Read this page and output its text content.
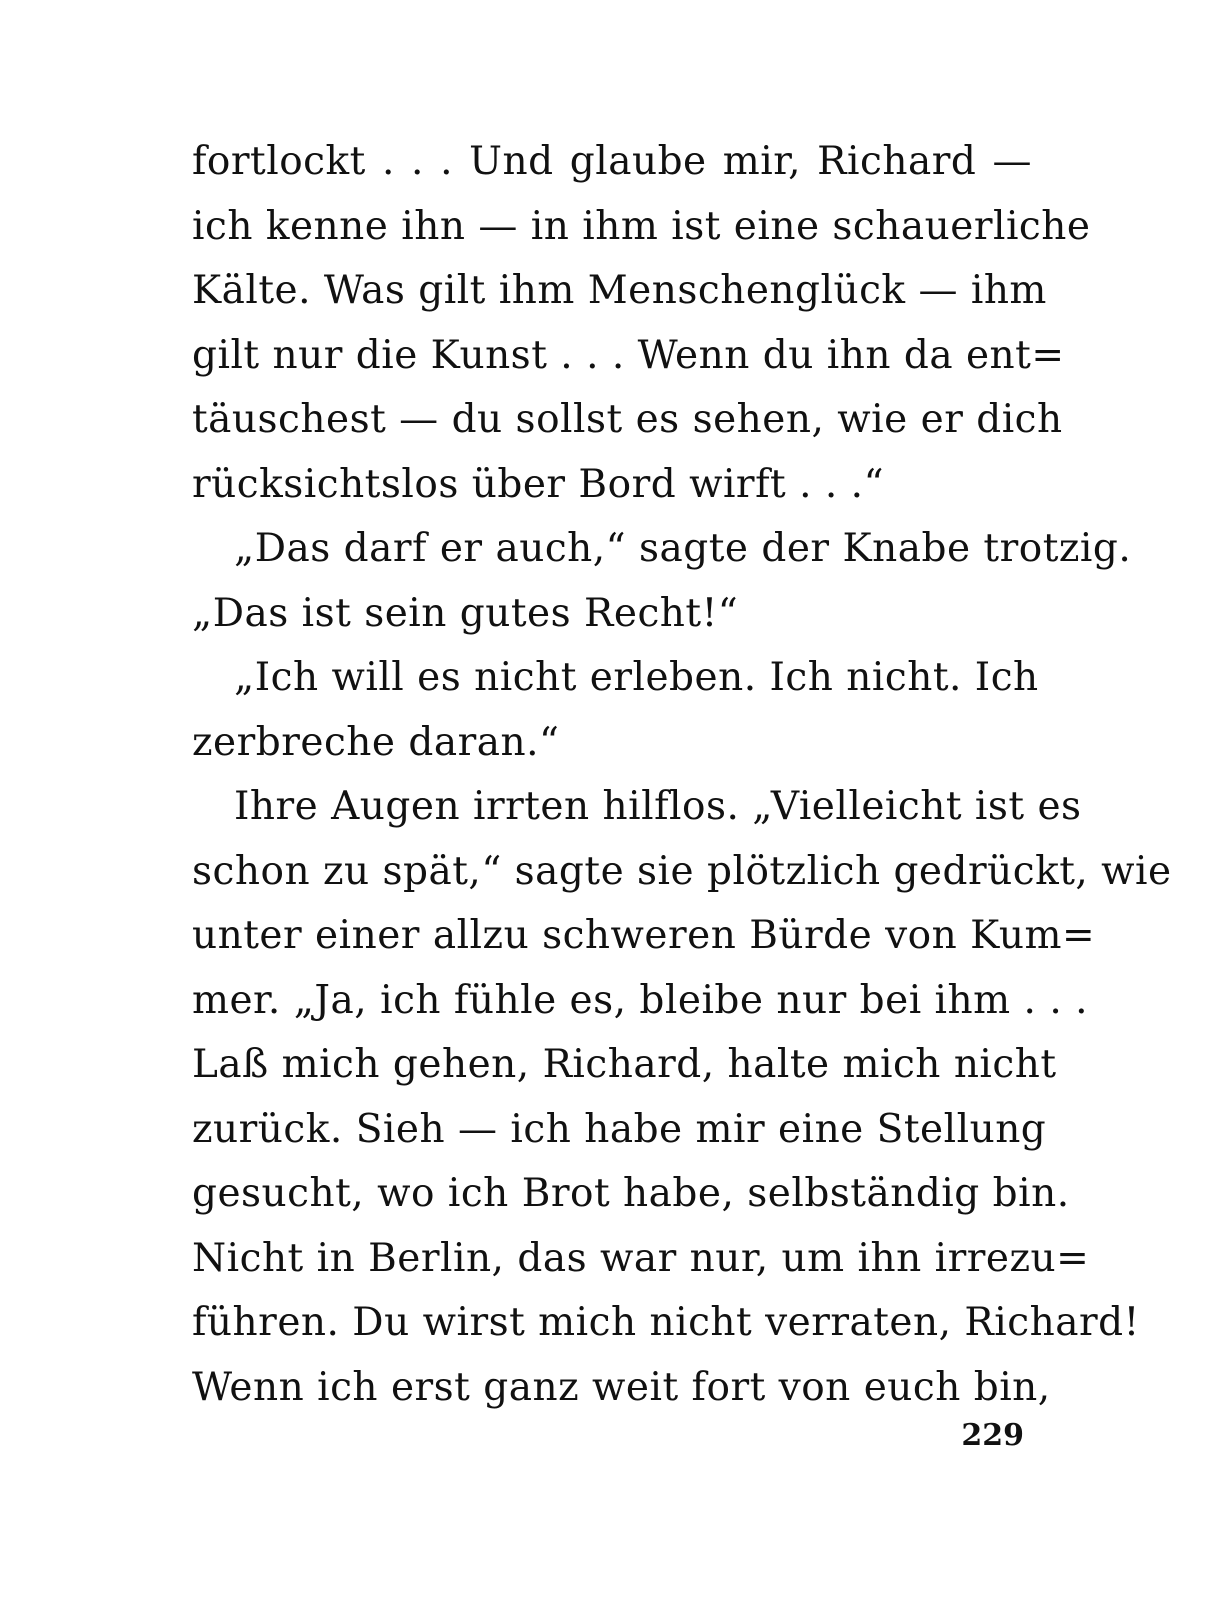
fortlockt . . . Und glaube mir, Richard —
ich kenne ihn — in ihm ist eine schauerliche
Kälte. Was gilt ihm Menschenglück — ihm
gilt nur die Kunst . . . Wenn du ihn da ent=
täuschest — du sollst es sehen, wie er dich
rücksichtslos über Bord wirft . . .“
„Das darf er auch,“ sagte der Knabe trotzig.
„Das ist sein gutes Recht!“
„Ich will es nicht erleben. Ich nicht. Ich
zerbreche daran.“
Ihre Augen irrten hilflos. „Vielleicht ist es
schon zu spät,“ sagte sie plötzlich gedrückt, wie
unter einer allzu schweren Bürde von Kum=
mer. „Ja, ich fühle es, bleibe nur bei ihm . . .
Laß mich gehen, Richard, halte mich nicht
zurück. Sieh — ich habe mir eine Stellung
gesucht, wo ich Brot habe, selbständig bin.
Nicht in Berlin, das war nur, um ihn irrezu=
führen. Du wirst mich nicht verraten, Richard!
Wenn ich erst ganz weit fort von euch bin,
229
